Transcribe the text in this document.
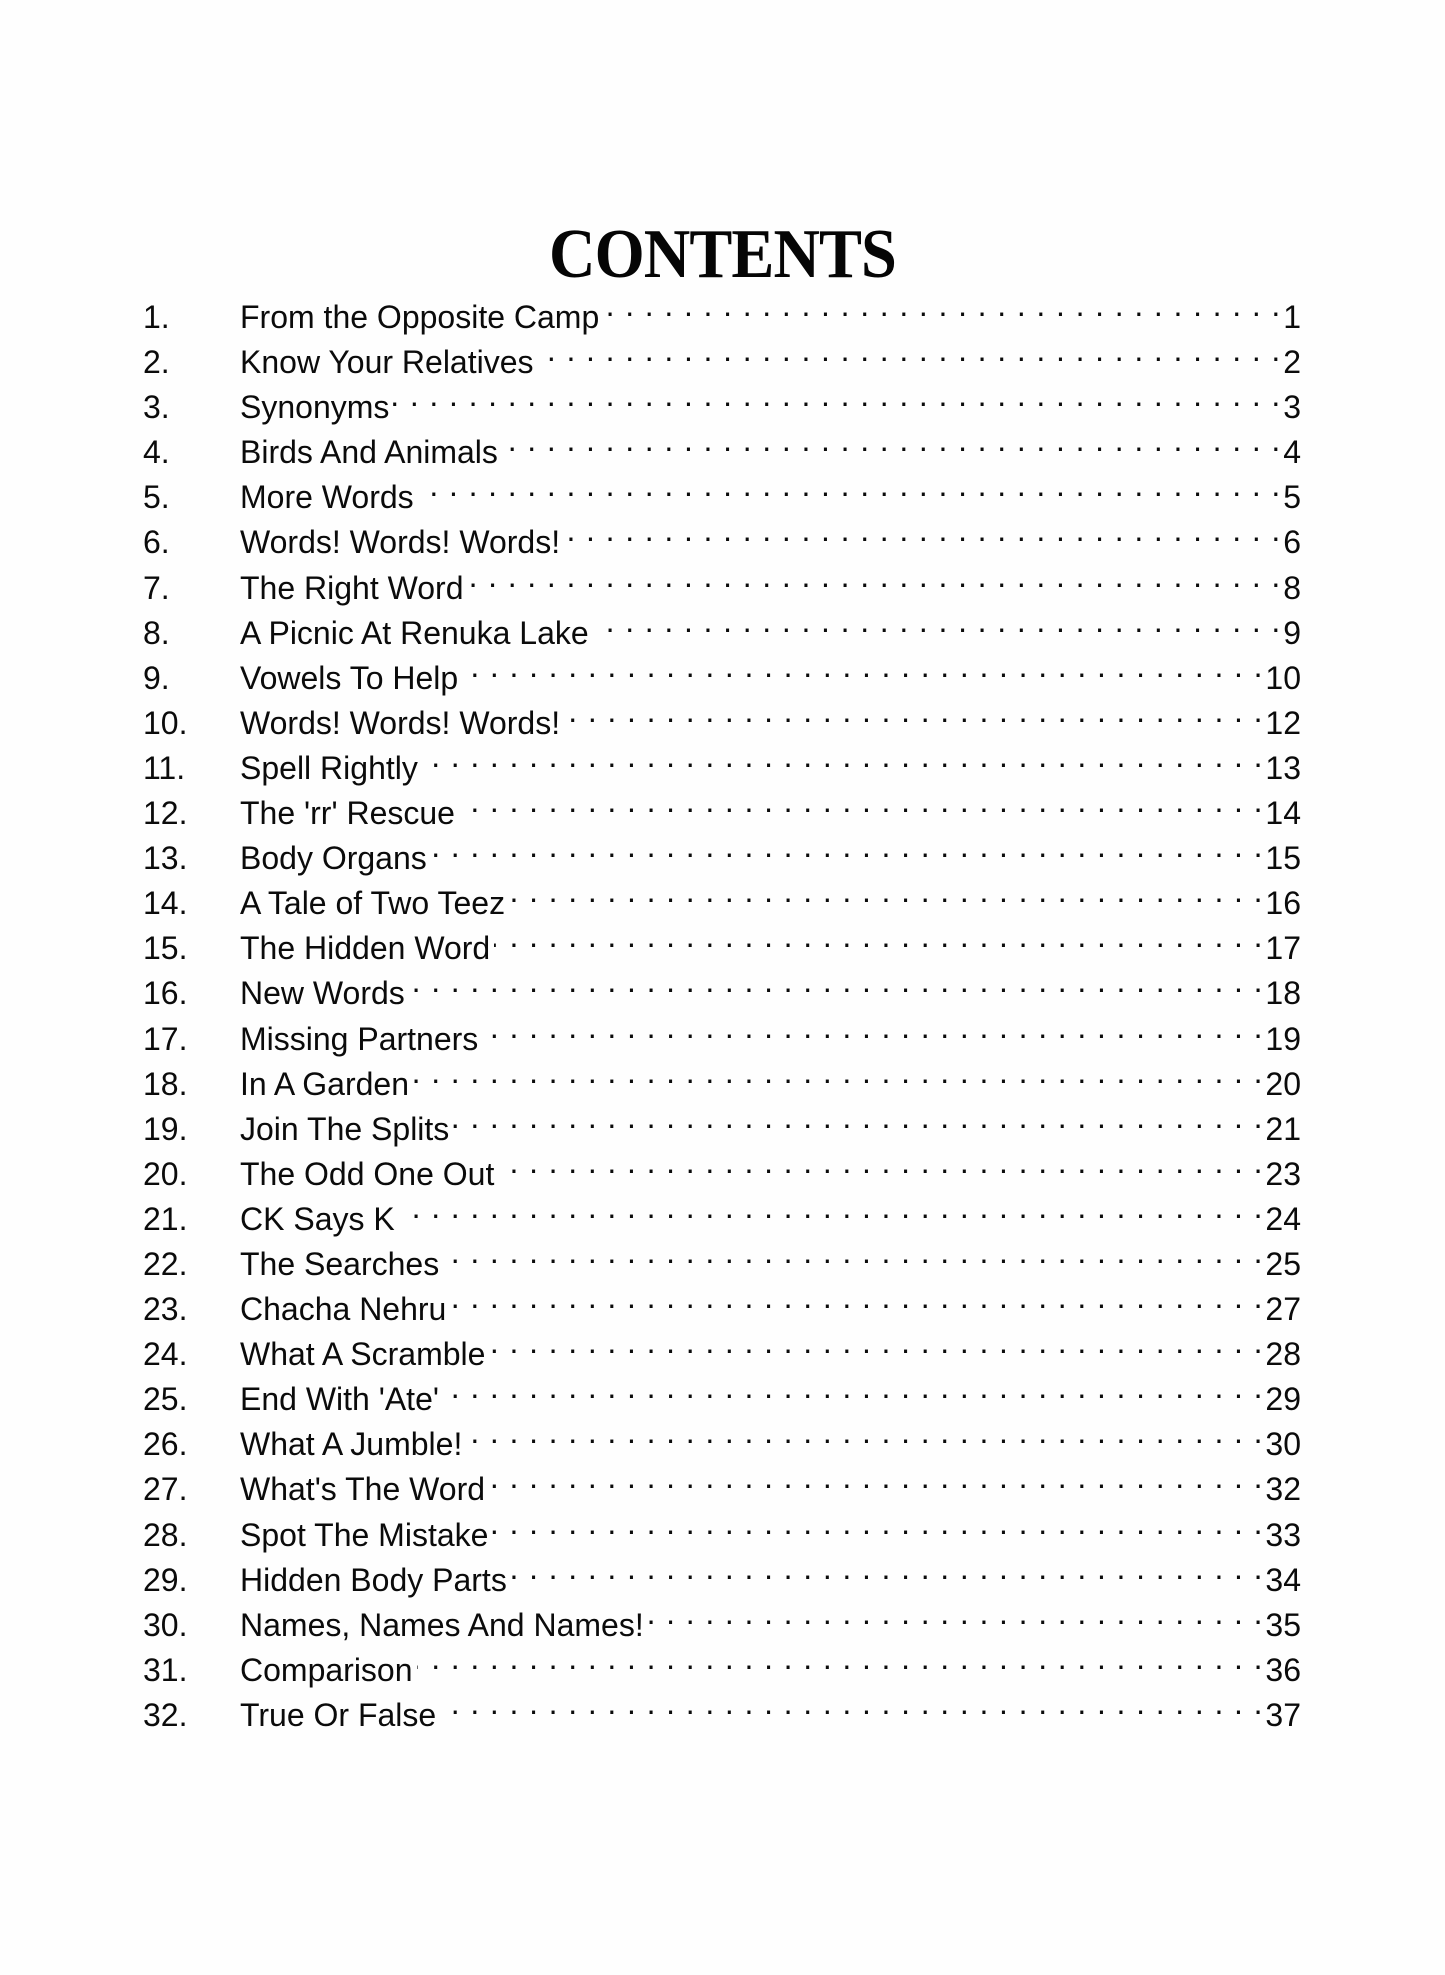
CONTENTS
1.	From the Opposite Camp . . .	1
2.	Know Your Relatives . . .	2
3.	Synonyms . . .	3
4.	Birds And Animals . . .	4
5.	More Words . . .	5
6.	Words! Words! Words! . . .	6
7.	The Right Word . . .	8
8.	A Picnic At Renuka Lake . . .	9
9.	Vowels To Help . . .	10
10.	Words! Words! Words! . . .	12
11.	Spell Rightly . . .	13
12.	The 'rr' Rescue . . .	14
13.	Body Organs . . .	15
14.	A Tale of Two Teez . . .	16
15.	The Hidden Word . . .	17
16.	New Words . . .	18
17.	Missing Partners . . .	19
18.	In A Garden . . .	20
19.	Join The Splits . . .	21
20.	The Odd One Out . . .	23
21.	CK Says K . . .	24
22.	The Searches . . .	25
23.	Chacha Nehru . . .	27
24.	What A Scramble . . .	28
25.	End With 'Ate' . . .	29
26.	What A Jumble! . . .	30
27.	What's The Word . . .	32
28.	Spot The Mistake . . .	33
29.	Hidden Body Parts . . .	34
30.	Names, Names And Names! . . .	35
31.	Comparison . . .	36
32.	True Or False . . .	37
